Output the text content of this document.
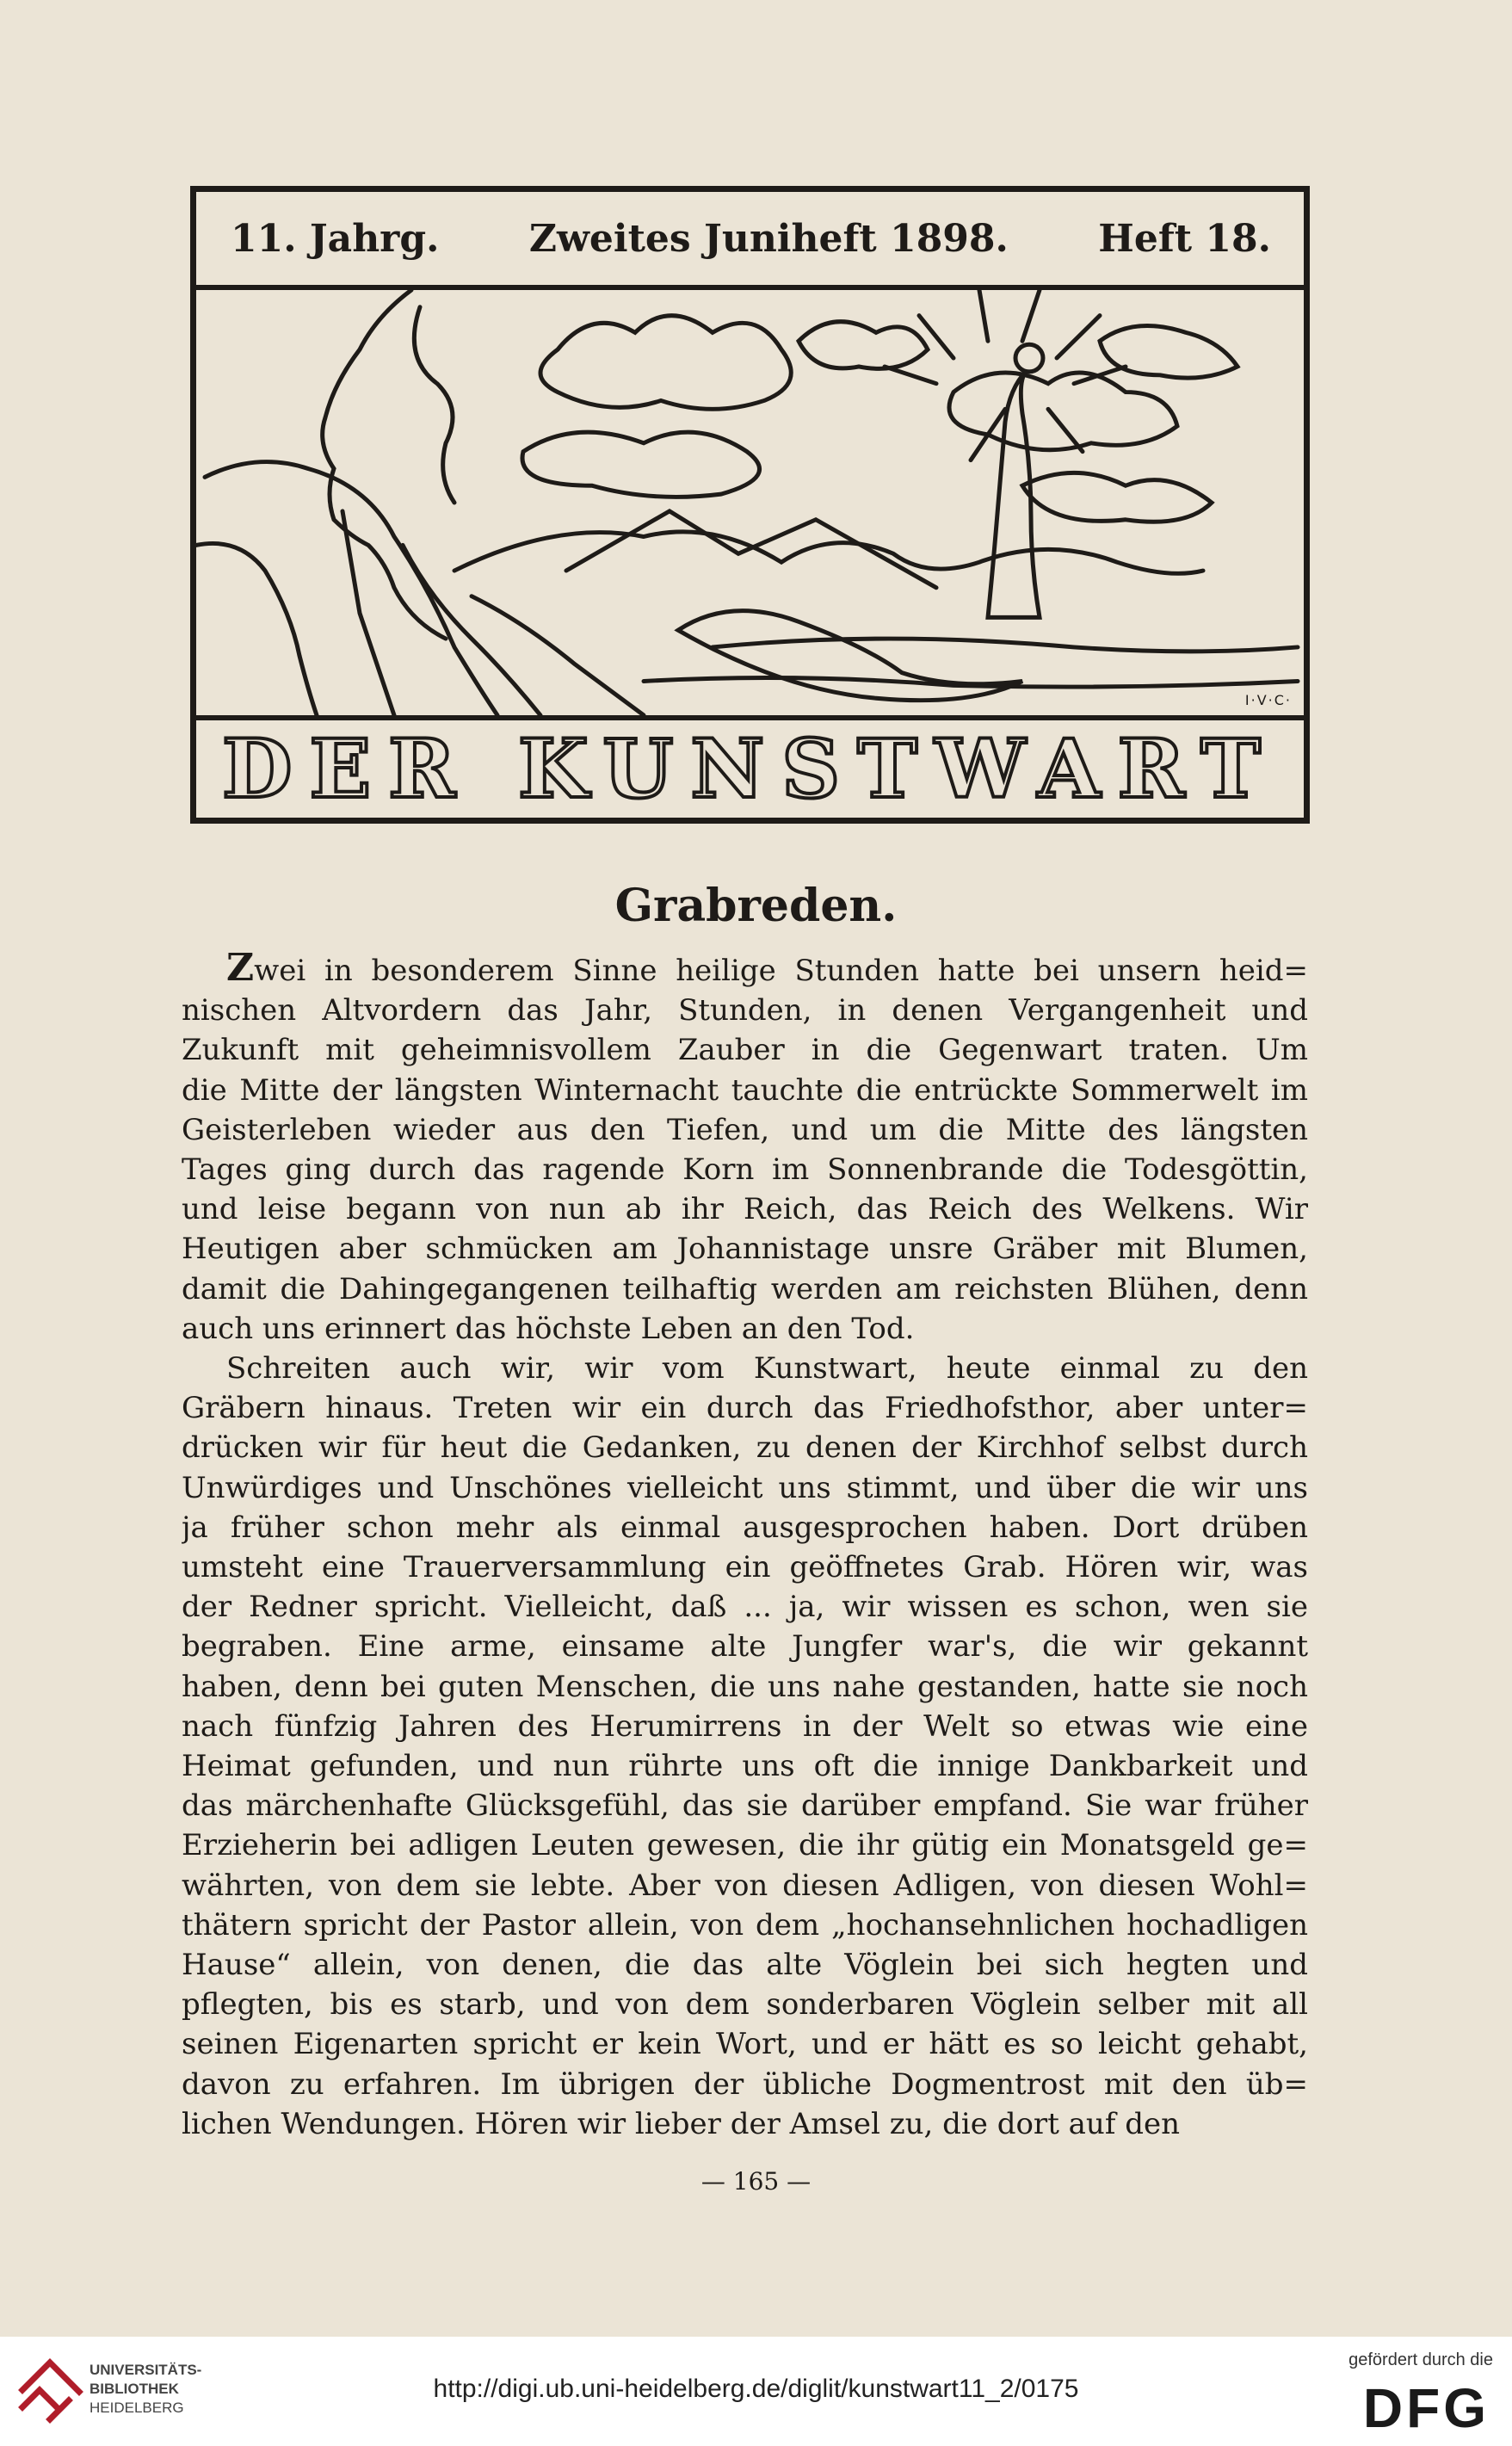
11. Jahrg. Zweites Juniheft 1898. Heft 18.
I·V·C·
DER KUNSTWART
Grabreden.

Zwei in besonderem Sinne heilige Stunden hatte bei unsern heid=
nischen Altvordern das Jahr, Stunden, in denen Vergangenheit und
Zukunft mit geheimnisvollem Zauber in die Gegenwart traten. Um
die Mitte der längsten Winternacht tauchte die entrückte Sommerwelt im
Geisterleben wieder aus den Tiefen, und um die Mitte des längsten
Tages ging durch das ragende Korn im Sonnenbrande die Todesgöttin,
und leise begann von nun ab ihr Reich, das Reich des Welkens. Wir
Heutigen aber schmücken am Johannistage unsre Gräber mit Blumen,
damit die Dahingegangenen teilhaftig werden am reichsten Blühen, denn
auch uns erinnert das höchste Leben an den Tod.

Schreiten auch wir, wir vom Kunstwart, heute einmal zu den
Gräbern hinaus. Treten wir ein durch das Friedhofsthor, aber unter=
drücken wir für heut die Gedanken, zu denen der Kirchhof selbst durch
Unwürdiges und Unschönes vielleicht uns stimmt, und über die wir uns
ja früher schon mehr als einmal ausgesprochen haben. Dort drüben
umsteht eine Trauerversammlung ein geöffnetes Grab. Hören wir, was
der Redner spricht. Vielleicht, daß ... ja, wir wissen es schon, wen sie
begraben. Eine arme, einsame alte Jungfer war's, die wir gekannt
haben, denn bei guten Menschen, die uns nahe gestanden, hatte sie noch
nach fünfzig Jahren des Herumirrens in der Welt so etwas wie eine
Heimat gefunden, und nun rührte uns oft die innige Dankbarkeit und
das märchenhafte Glücksgefühl, das sie darüber empfand. Sie war früher
Erzieherin bei adligen Leuten gewesen, die ihr gütig ein Monatsgeld ge=
währten, von dem sie lebte. Aber von diesen Adligen, von diesen Wohl=
thätern spricht der Pastor allein, von dem „hochansehnlichen hochadligen
Hause“ allein, von denen, die das alte Vöglein bei sich hegten und
pflegten, bis es starb, und von dem sonderbaren Vöglein selber mit all
seinen Eigenarten spricht er kein Wort, und er hätt es so leicht gehabt,
davon zu erfahren. Im übrigen der übliche Dogmentrost mit den üb=
lichen Wendungen. Hören wir lieber der Amsel zu, die dort auf den

— 165 —
UNIVERSITÄTS-
BIBLIOTHEK
HEIDELBERG
http://digi.ub.uni-heidelberg.de/diglit/kunstwart11_2/0175
gefördert durch die
DFG
